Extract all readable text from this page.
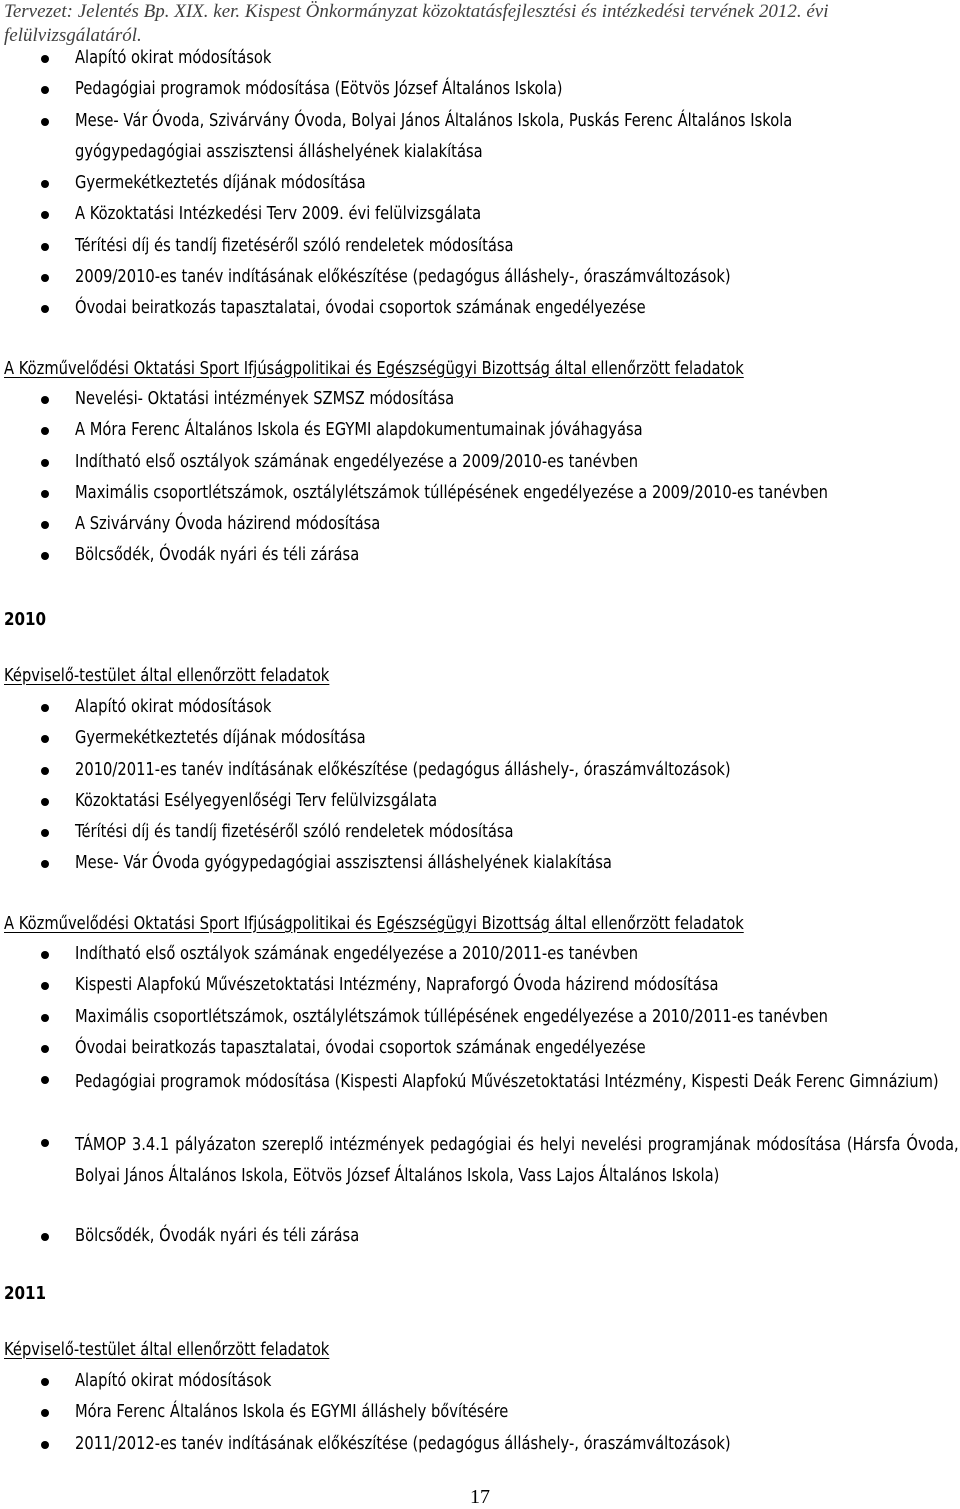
Tervezet: Jelentés Bp. XIX. ker. Kispest Önkormányzat közoktatásfejlesztési és intézkedési tervének 2012. évi felülvizsgálatáról.
Alapító okirat módosítások
Pedagógiai programok módosítása (Eötvös József Általános Iskola)
Mese- Vár Óvoda, Szivárvány Óvoda, Bolyai János Általános Iskola, Puskás Ferenc Általános Iskola
gyógypedagógiai asszisztensi álláshelyének kialakítása
Gyermekétkeztetés díjának módosítása
A Közoktatási Intézkedési Terv 2009. évi felülvizsgálata
Térítési díj és tandíj fizetéséről szóló rendeletek módosítása
2009/2010-es tanév indításának előkészítése (pedagógus álláshely-, óraszámváltozások)
Óvodai beiratkozás tapasztalatai, óvodai csoportok számának engedélyezése
A Közművelődési Oktatási Sport Ifjúságpolitikai és Egészségügyi Bizottság által ellenőrzött feladatok
Nevelési- Oktatási intézmények SZMSZ módosítása
A Móra Ferenc Általános Iskola és EGYMI alapdokumentumainak jóváhagyása
Indítható első osztályok számának engedélyezése a 2009/2010-es tanévben
Maximális csoportlétszámok, osztálylétszámok túllépésének engedélyezése a 2009/2010-es tanévben
A Szivárvány Óvoda házirend módosítása
Bölcsődék, Óvodák nyári és téli zárása
2010
Képviselő-testület által ellenőrzött feladatok
Alapító okirat módosítások
Gyermekétkeztetés díjának módosítása
2010/2011-es tanév indításának előkészítése (pedagógus álláshely-, óraszámváltozások)
Közoktatási Esélyegyenlőségi Terv felülvizsgálata
Térítési díj és tandíj fizetéséről szóló rendeletek módosítása
Mese- Vár Óvoda gyógypedagógiai asszisztensi álláshelyének kialakítása
A Közművelődési Oktatási Sport Ifjúságpolitikai és Egészségügyi Bizottság által ellenőrzött feladatok
Indítható első osztályok számának engedélyezése a 2010/2011-es tanévben
Kispesti Alapfokú Művészetoktatási Intézmény, Napraforgó Óvoda házirend módosítása
Maximális csoportlétszámok, osztálylétszámok túllépésének engedélyezése a 2010/2011-es tanévben
Óvodai beiratkozás tapasztalatai, óvodai csoportok számának engedélyezése
Pedagógiai programok módosítása (Kispesti Alapfokú Művészetoktatási Intézmény, Kispesti Deák Ferenc Gimnázium)
TÁMOP 3.4.1 pályázaton szereplő intézmények pedagógiai és helyi nevelési programjának módosítása (Hársfa Óvoda, Bolyai János Általános Iskola, Eötvös József Általános Iskola, Vass Lajos Általános Iskola)
Bölcsődék, Óvodák nyári és téli zárása
2011
Képviselő-testület által ellenőrzött feladatok
Alapító okirat módosítások
Móra Ferenc Általános Iskola és EGYMI álláshely bővítésére
2011/2012-es tanév indításának előkészítése (pedagógus álláshely-, óraszámváltozások)
17
